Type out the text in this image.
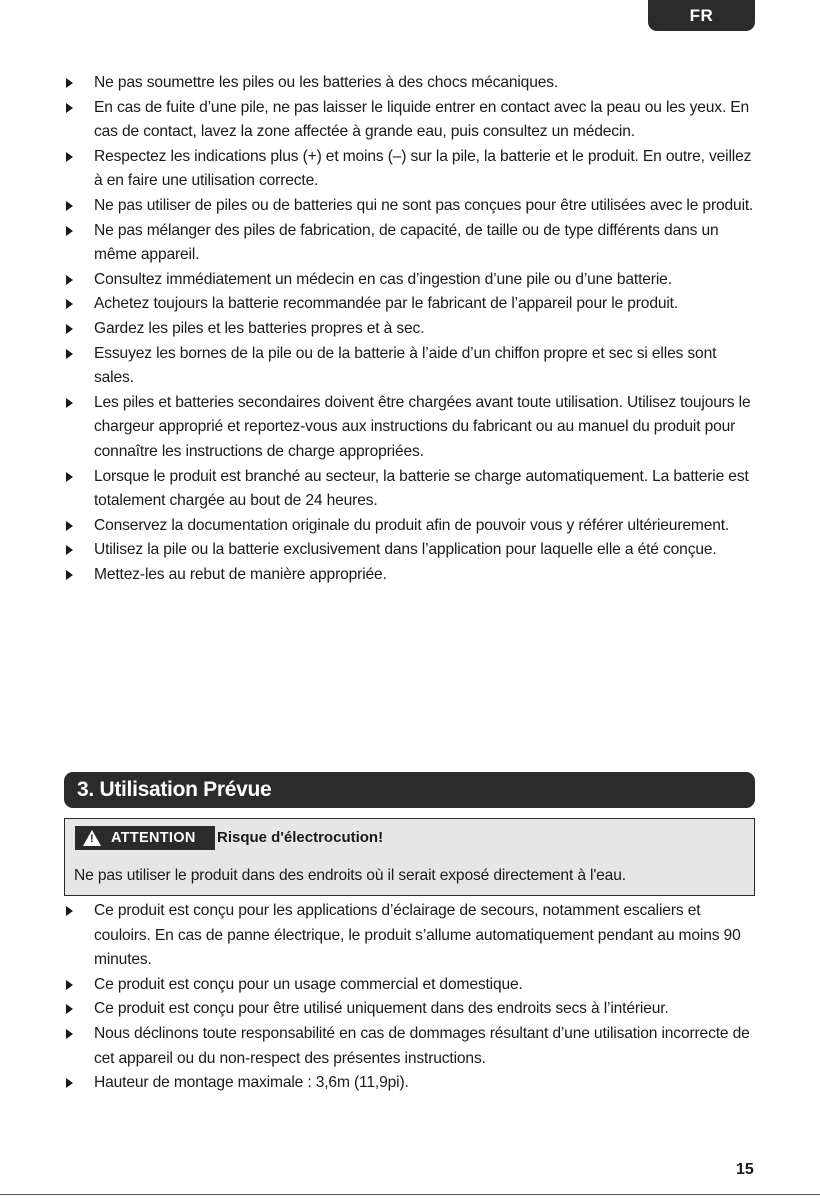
FR
Ne pas soumettre les piles ou les batteries à des chocs mécaniques.
En cas de fuite d’une pile, ne pas laisser le liquide entrer en contact avec la peau ou les yeux. En cas de contact, lavez la zone affectée à grande eau, puis consultez un médecin.
Respectez les indications plus (+) et moins (–) sur la pile, la batterie et le produit. En outre, veillez à en faire une utilisation correcte.
Ne pas utiliser de piles ou de batteries qui ne sont pas conçues pour être utilisées avec le produit.
Ne pas mélanger des piles de fabrication, de capacité, de taille ou de type différents dans un même appareil.
Consultez immédiatement un médecin en cas d’ingestion d’une pile ou d’une batterie.
Achetez toujours la batterie recommandée par le fabricant de l’appareil pour le produit.
Gardez les piles et les batteries propres et à sec.
Essuyez les bornes de la pile ou de la batterie à l’aide d’un chiffon propre et sec si elles sont sales.
Les piles et batteries secondaires doivent être chargées avant toute utilisation. Utilisez toujours le chargeur approprié et reportez-vous aux instructions du fabricant ou au manuel du produit pour connaître les instructions de charge appropriées.
Lorsque le produit est branché au secteur, la batterie se charge automatiquement. La batterie est totalement chargée au bout de 24 heures.
Conservez la documentation originale du produit afin de pouvoir vous y référer ultérieurement.
Utilisez la pile ou la batterie exclusivement dans l’application pour laquelle elle a été conçue.
Mettez-les au rebut de manière appropriée.
3. Utilisation Prévue
! ATTENTION Risque d'électrocution!
Ne pas utiliser le produit dans des endroits où il serait exposé directement à l'eau.
Ce produit est conçu pour les applications d’éclairage de secours, notamment escaliers et couloirs. En cas de panne électrique, le produit s’allume automatiquement pendant au moins 90 minutes.
Ce produit est conçu pour un usage commercial et domestique.
Ce produit est conçu pour être utilisé uniquement dans des endroits secs à l’intérieur.
Nous déclinons toute responsabilité en cas de dommages résultant d’une utilisation incorrecte de cet appareil ou du non-respect des présentes instructions.
Hauteur de montage maximale : 3,6m (11,9pi).
15
